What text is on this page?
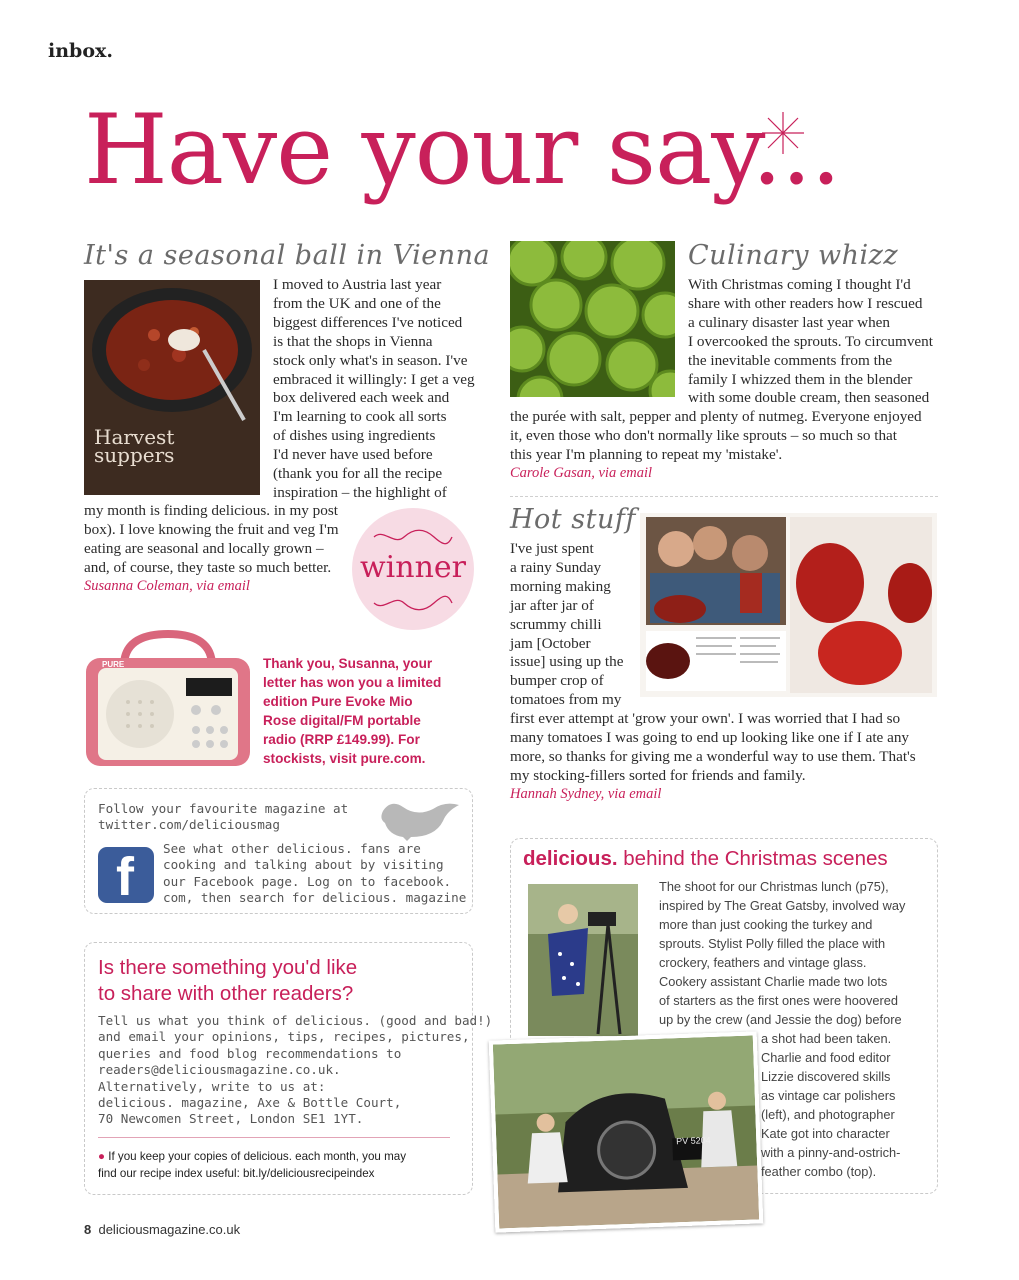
inbox.
Have your say...
It's a seasonal ball in Vienna
Harvest
suppers
I moved to Austria last year
from the UK and one of the
biggest differences I've noticed
is that the shops in Vienna
stock only what's in season. I've
embraced it willingly: I get a veg
box delivered each week and
I'm learning to cook all sorts
of dishes using ingredients
I'd never have used before
(thank you for all the recipe
inspiration – the highlight of
my month is finding delicious. in my post
box). I love knowing the fruit and veg I'm
eating are seasonal and locally grown –
and, of course, they taste so much better.
Susanna Coleman, via email
winner
PURE	Thank you, Susanna, your
letter has won you a limited
edition Pure Evoke Mio
Rose digital/FM portable
radio (RRP £149.99). For
stockists, visit pure.com.
Follow your favourite magazine at
twitter.com/deliciousmag
f See what other delicious. fans are
cooking and talking about by visiting
our Facebook page. Log on to facebook.
com, then search for delicious. magazine
Is there something you'd like
to share with other readers?
Tell us what you think of delicious. (good and bad!)
and email your opinions, tips, recipes, pictures,
queries and food blog recommendations to
readers@deliciousmagazine.co.uk.
Alternatively, write to us at:
delicious. magazine, Axe & Bottle Court,
70 Newcomen Street, London SE1 1YT.
● If you keep your copies of delicious. each month, you may
find our recipe index useful: bit.ly/deliciousrecipeindex
Culinary whizz
With Christmas coming I thought I'd
share with other readers how I rescued
a culinary disaster last year when
I overcooked the sprouts. To circumvent
the inevitable comments from the
family I whizzed them in the blender
with some double cream, then seasoned
the purée with salt, pepper and plenty of nutmeg. Everyone enjoyed
it, even those who don't normally like sprouts – so much so that
this year I'm planning to repeat my 'mistake'.
Carole Gasan, via email
Hot stuff
I've just spent
a rainy Sunday
morning making
jar after jar of
scrummy chilli
jam [October
issue] using up the
bumper crop of
tomatoes from my
first ever attempt at 'grow your own'. I was worried that I had so
many tomatoes I was going to end up looking like one if I ate any
more, so thanks for giving me a wonderful way to use them. That's
my stocking-fillers sorted for friends and family.
Hannah Sydney, via email
delicious. behind the Christmas scenes
The shoot for our Christmas lunch (p75),
inspired by The Great Gatsby, involved way
more than just cooking the turkey and
sprouts. Stylist Polly filled the place with
crockery, feathers and vintage glass.
Cookery assistant Charlie made two lots
of starters as the first ones were hoovered
up by the crew (and Jessie the dog) before
a shot had been taken.
Charlie and food editor
Lizzie discovered skills
as vintage car polishers
(left), and photographer
Kate got into character
with a pinny-and-ostrich-
feather combo (top).
PV 5204
8 deliciousmagazine.co.uk
